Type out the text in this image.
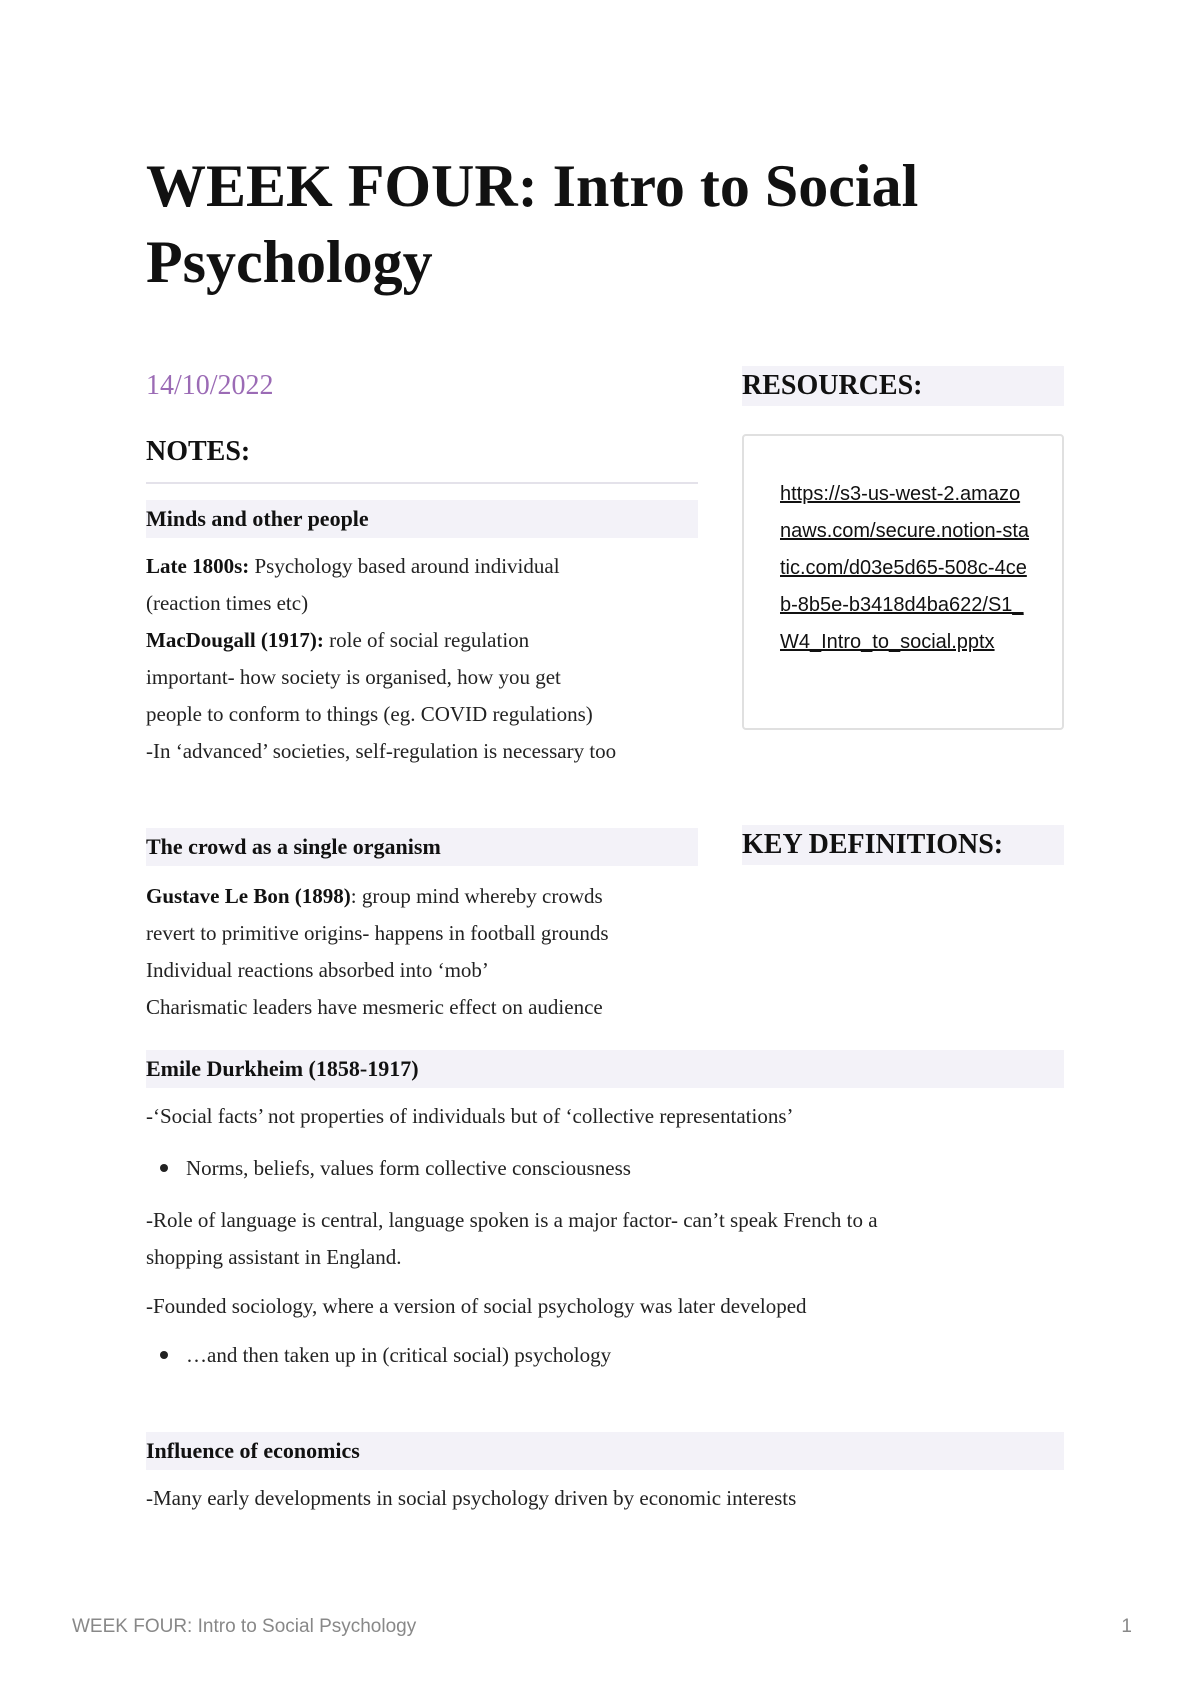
WEEK FOUR: Intro to Social Psychology
14/10/2022
NOTES:
RESOURCES:
https://s3-us-west-2.amazonaws.com/secure.notion-static.com/d03e5d65-508c-4ceb-8b5e-b3418d4ba622/S1_W4_Intro_to_social.pptx
Minds and other people

Late 1800s: Psychology based around individual

(reaction times etc)

MacDougall (1917): role of social regulation

important- how society is organised, how you get

people to conform to things (eg. COVID regulations)

-In ‘advanced’ societies, self-regulation is necessary too

The crowd as a single organism	KEY DEFINITIONS:

Gustave Le Bon (1898): group mind whereby crowds

revert to primitive origins- happens in football grounds

Individual reactions absorbed into ‘mob’

Charismatic leaders have mesmeric effect on audience

Emile Durkheim (1858-1917)

-‘Social facts’ not properties of individuals but of ‘collective representations’

Norms, beliefs, values form collective consciousness

-Role of language is central, language spoken is a major factor- can’t speak French to a

shopping assistant in England.

-Founded sociology, where a version of social psychology was later developed

…and then taken up in (critical social) psychology
Influence of economics

-Many early developments in social psychology driven by economic interests

WEEK FOUR: Intro to Social Psychology	1
